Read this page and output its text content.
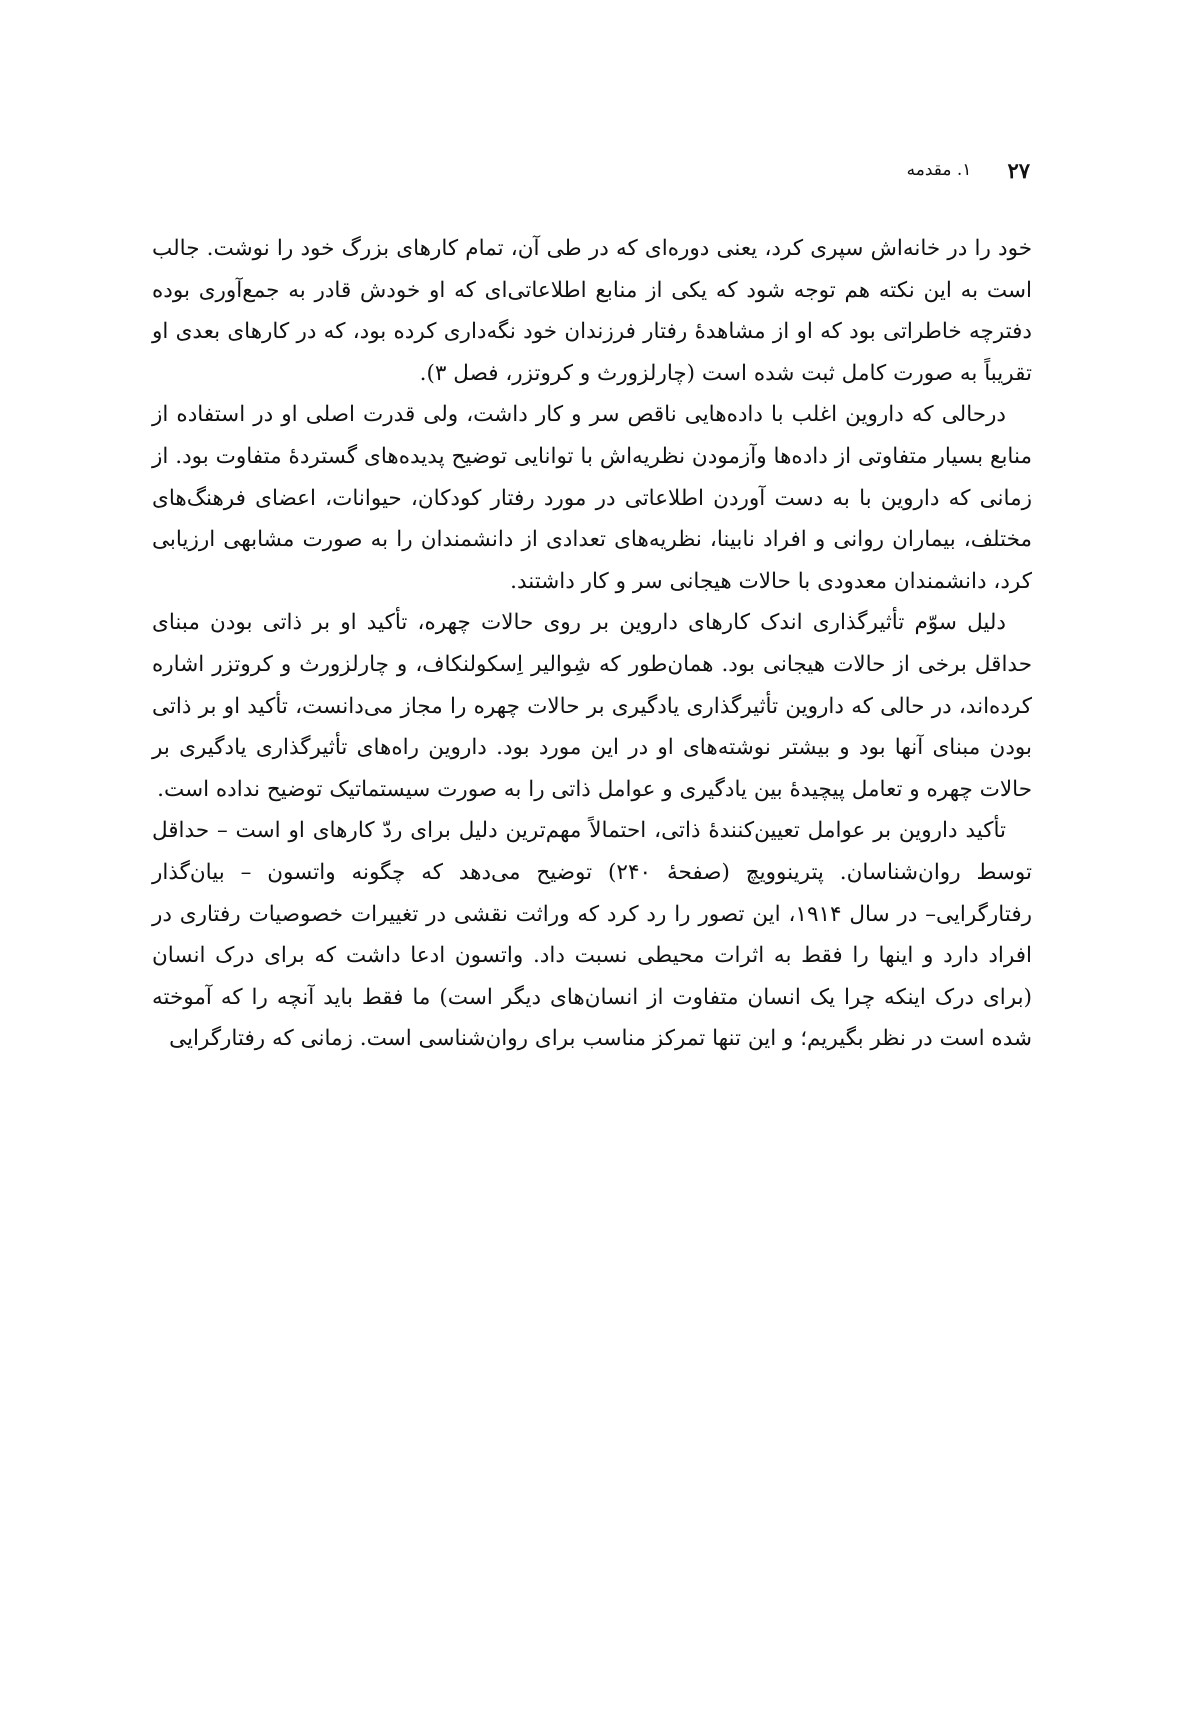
۲۷
۱. مقدمه

خود را در خانه‌اش سپری کرد، یعنی دوره‌ای که در طی آن، تمام کارهای بزرگ خود را نوشت. جالب است به این نکته هم توجه شود که یکی از منابع اطلاعاتی‌ای که او خودش قادر به جمع‌آوری بوده دفترچه خاطراتی بود که او از مشاهدهٔ رفتار فرزندان خود نگه‌داری کرده بود، که در کارهای بعدی او تقریباً به صورت کامل ثبت شده است (چارلزورث و کروتزر، فصل ۳).

درحالی که داروین اغلب با داده‌هایی ناقص سر و کار داشت، ولی قدرت اصلی او در استفاده از منابع بسیار متفاوتی از داده‌ها وآزمودن نظریه‌اش با توانایی توضیح پدیده‌های گستردهٔ متفاوت بود. از زمانی که داروین با به دست آوردن اطلاعاتی در مورد رفتار کودکان، حیوانات، اعضای فرهنگ‌های مختلف، بیماران روانی و افراد نابینا، نظریه‌های تعدادی از دانشمندان را به صورت مشابهی ارزیابی کرد، دانشمندان معدودی با حالات هیجانی سر و کار داشتند.

دلیل سوّم تأثیرگذاری اندک کارهای داروین بر روی حالات چهره، تأکید او بر ذاتی بودن مبنای حداقل برخی از حالات هیجانی بود. همان‌طور که شِوالیر اِسکولنکاف، و چارلزورث و کروتزر اشاره کرده‌اند، در حالی که داروین تأثیرگذاری یادگیری بر حالات چهره را مجاز می‌دانست، تأکید او بر ذاتی بودن مبنای آنها بود و بیشتر نوشته‌های او در این مورد بود. داروین راه‌های تأثیرگذاری یادگیری بر حالات چهره و تعامل پیچیدهٔ بین یادگیری و عوامل ذاتی را به صورت سیستماتیک توضیح نداده است.

تأکید داروین بر عوامل تعیین‌کنندهٔ ذاتی، احتمالاً مهم‌ترین دلیل برای ردّ کارهای او است – حداقل توسط روان‌شناسان. پترینوویچ (صفحهٔ ۲۴۰) توضیح می‌دهد که چگونه واتسون – بیان‌گذار رفتارگرایی– در سال ۱۹۱۴، این تصور را رد کرد که وراثت نقشی در تغییرات خصوصیات رفتاری در افراد دارد و اینها را فقط به اثرات محیطی نسبت داد. واتسون ادعا داشت که برای درک انسان (برای درک اینکه چرا یک انسان متفاوت از انسان‌های دیگر است) ما فقط باید آنچه را که آموخته شده است در نظر بگیریم؛ و این تنها تمرکز مناسب برای روان‌شناسی است. زمانی که رفتارگرایی
